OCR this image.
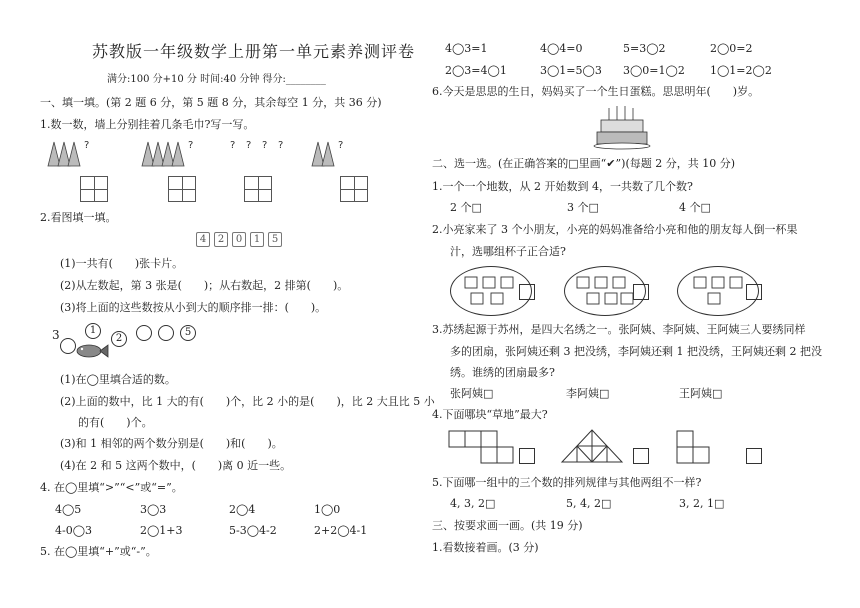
苏教版一年级数学上册第一单元素养测评卷
满分:100 分+10 分 时间:40 分钟 得分:________
一、填一填。(第 2 题 6 分，第 5 题 8 分，其余每空 1 分，共 36 分)
1.数一数，墙上分别挂着几条毛巾?写一写。
?	?	? ? ? ?	?
2.看图填一填。
4	2	0	1	5
(1)一共有(　　)张卡片。
(2)从左数起，第 3 张是(　　)；从右数起，2 排第(　　)。
(3)将上面的这些数按从小到大的顺序排一排：(　　)。
3	1
2
5
(1)在◯里填合适的数。
(2)上面的数中，比 1 大的有(　　)个，比 2 小的是(　　)，比 2 大且比 5 小
的有(　　)个。
(3)和 1 相邻的两个数分别是(　　)和(　　)。
(4)在 2 和 5 这两个数中，(　　)离 0 近一些。
4. 在◯里填“>”“<”或“=”。
4◯5	3◯3	2◯4	1◯0
4-0◯3	2◯1+3	5-3◯4-2	2+2◯4-1
5. 在◯里填“+”或“-”。
4◯3=1	4◯4=0	5=3◯2	2◯0=2
2◯3=4◯1	3◯1=5◯3 3◯0=1◯2 1◯1=2◯2
6.今天是思思的生日，妈妈买了一个生日蛋糕。思思明年(　　)岁。
二、选一选。(在正确答案的□里画“✔”)(每题 2 分，共 10 分)
1.一个一个地数，从 2 开始数到 4，一共数了几个数?
2 个□	3 个□	4 个□
2.小亮家来了 3 个小朋友，小亮的妈妈准备给小亮和他的朋友每人倒一杯果
汁，选哪组杯子正合适?
3.苏绣起源于苏州，是四大名绣之一。张阿姨、李阿姨、王阿姨三人要绣同样
多的团扇，张阿姨还剩 3 把没绣，李阿姨还剩 1 把没绣，王阿姨还剩 2 把没
绣。谁绣的团扇最多?
张阿姨□	李阿姨□	王阿姨□
4.下面哪块“草地”最大?
5.下面哪一组中的三个数的排列规律与其他两组不一样?
4, 3, 2□	5, 4, 2□	3, 2, 1□
三、按要求画一画。(共 19 分)
1.看数接着画。(3 分)
